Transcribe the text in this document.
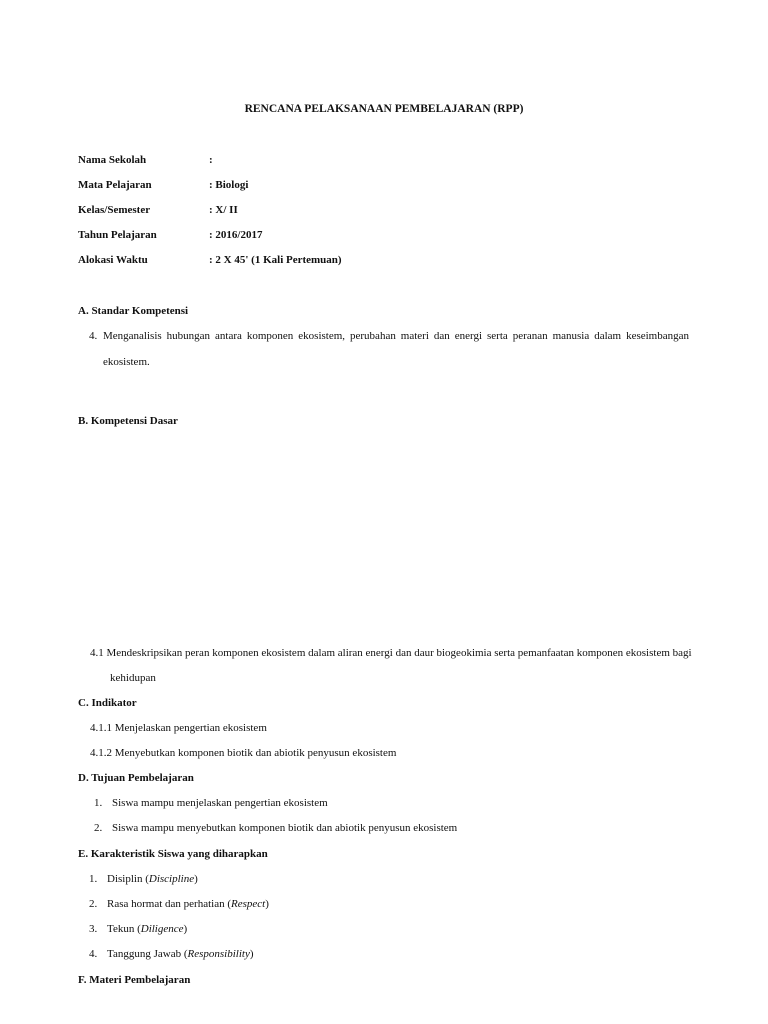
RENCANA PELAKSANAAN PEMBELAJARAN (RPP)
Nama Sekolah	:
Mata Pelajaran	: Biologi
Kelas/Semester	: X/ II
Tahun Pelajaran	: 2016/2017
Alokasi Waktu	: 2 X 45' (1 Kali Pertemuan)
A. Standar Kompetensi
4. Menganalisis hubungan antara komponen ekosistem, perubahan materi dan energi serta peranan manusia dalam keseimbangan
ekosistem.
B. Kompetensi Dasar
4.1 Mendeskripsikan peran komponen ekosistem dalam aliran energi dan daur biogeokimia serta pemanfaatan komponen ekosistem bagi
kehidupan
C. Indikator
4.1.1 Menjelaskan pengertian ekosistem
4.1.2 Menyebutkan komponen biotik dan abiotik penyusun ekosistem
D. Tujuan Pembelajaran
1. Siswa mampu menjelaskan pengertian ekosistem
2. Siswa mampu menyebutkan komponen biotik dan abiotik penyusun ekosistem
E. Karakteristik Siswa yang diharapkan
1. Disiplin (Discipline)
2. Rasa hormat dan perhatian (Respect)
3. Tekun (Diligence)
4. Tanggung Jawab (Responsibility)
F. Materi Pembelajaran
